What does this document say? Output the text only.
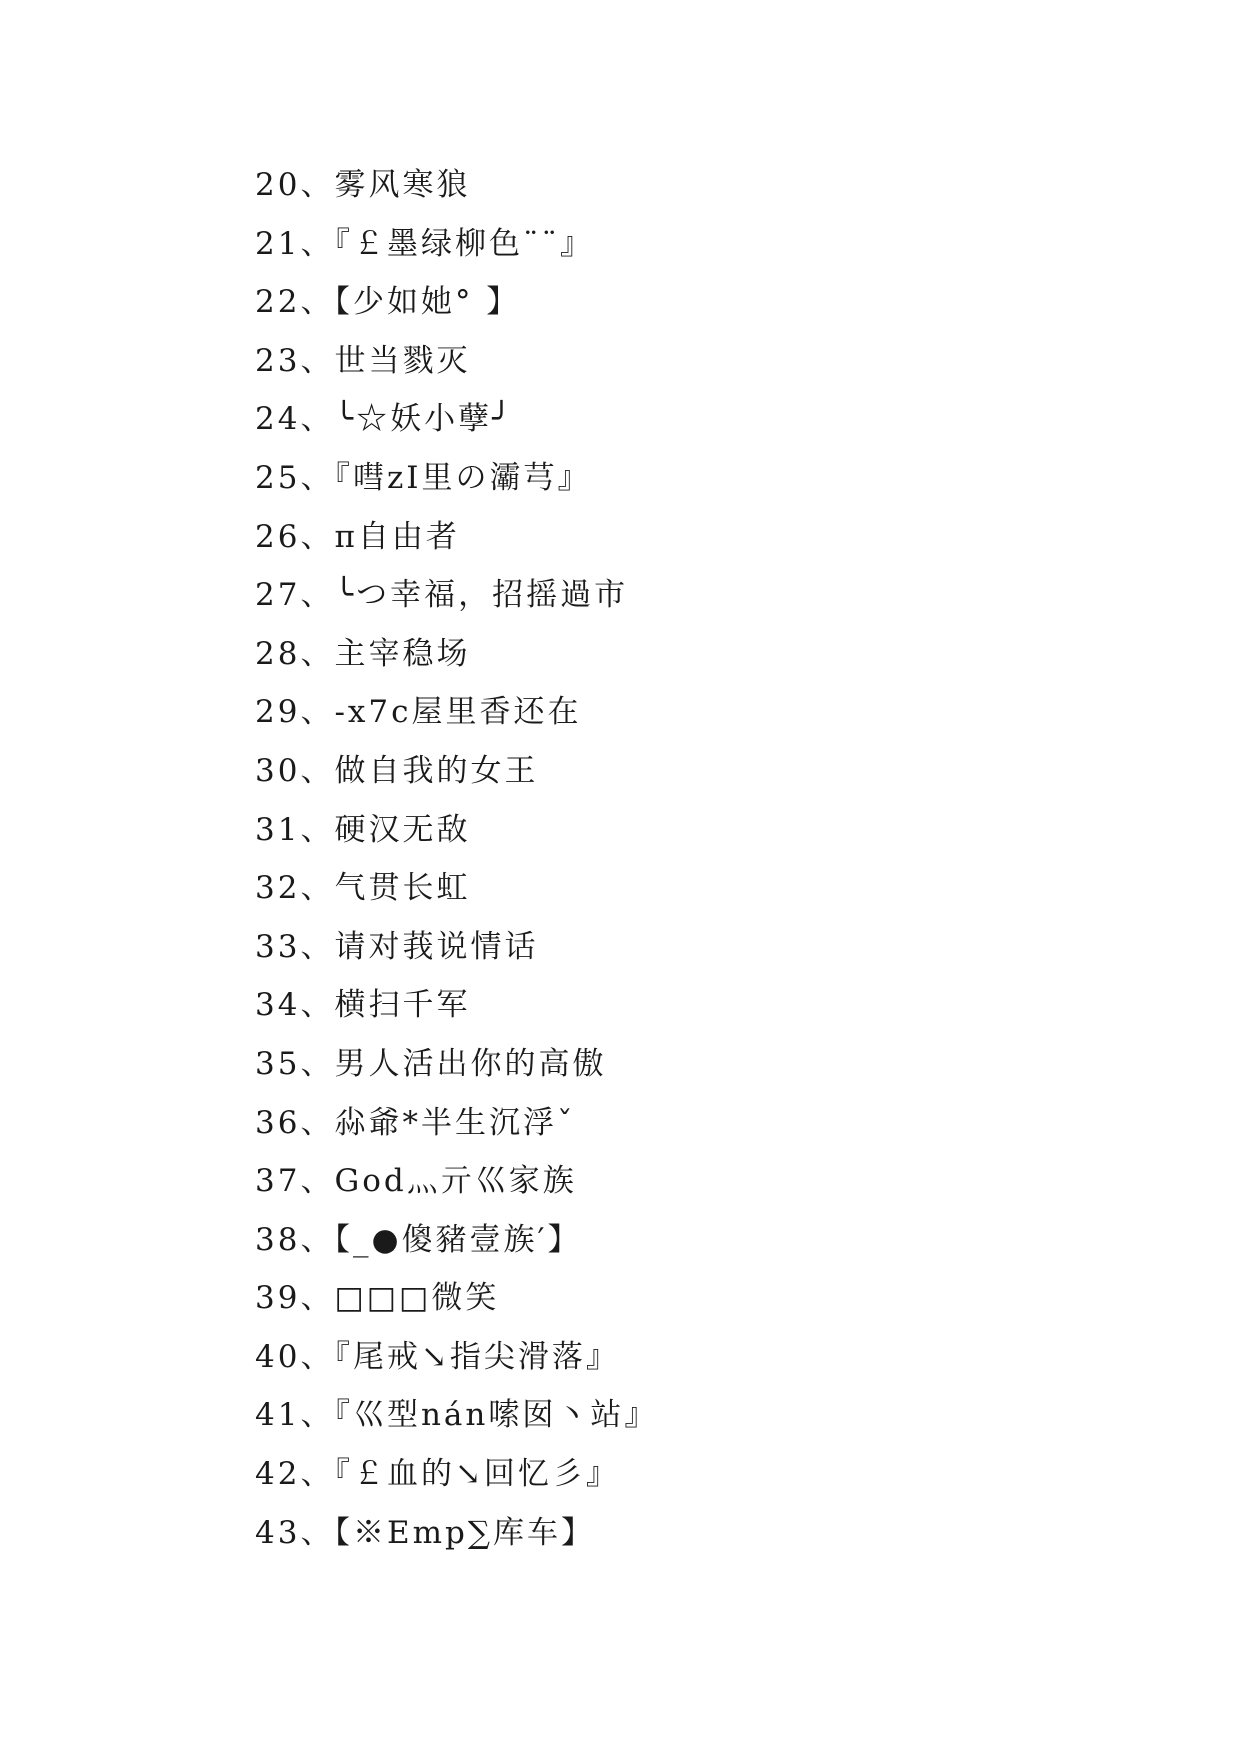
20、雾风寒狼
21、『￡墨绿柳色¨¨』
22、【少如她° 】
23、世当戮灭
24、╰☆妖小孽╯
25、『嘒zI里の灞芎』
26、π自由者
27、╰つ幸福，招摇過市
28、主宰稳场
29、-x7c屋里香还在
30、做自我的女王
31、硬汉无敌
32、气贯长虹
33、请对莪说情话
34、横扫千军
35、男人活出你的高傲
36、尛爺*半生沉浮ˇ
37、God灬亓巛家族
38、【_●傻豬壹族′】
39、□□□微笑
40、『尾戒↘指尖滑落』
41、『巛型nán嗦囡丶站』
42、『￡血的↘回忆彡』
43、【※Emp∑库车】
